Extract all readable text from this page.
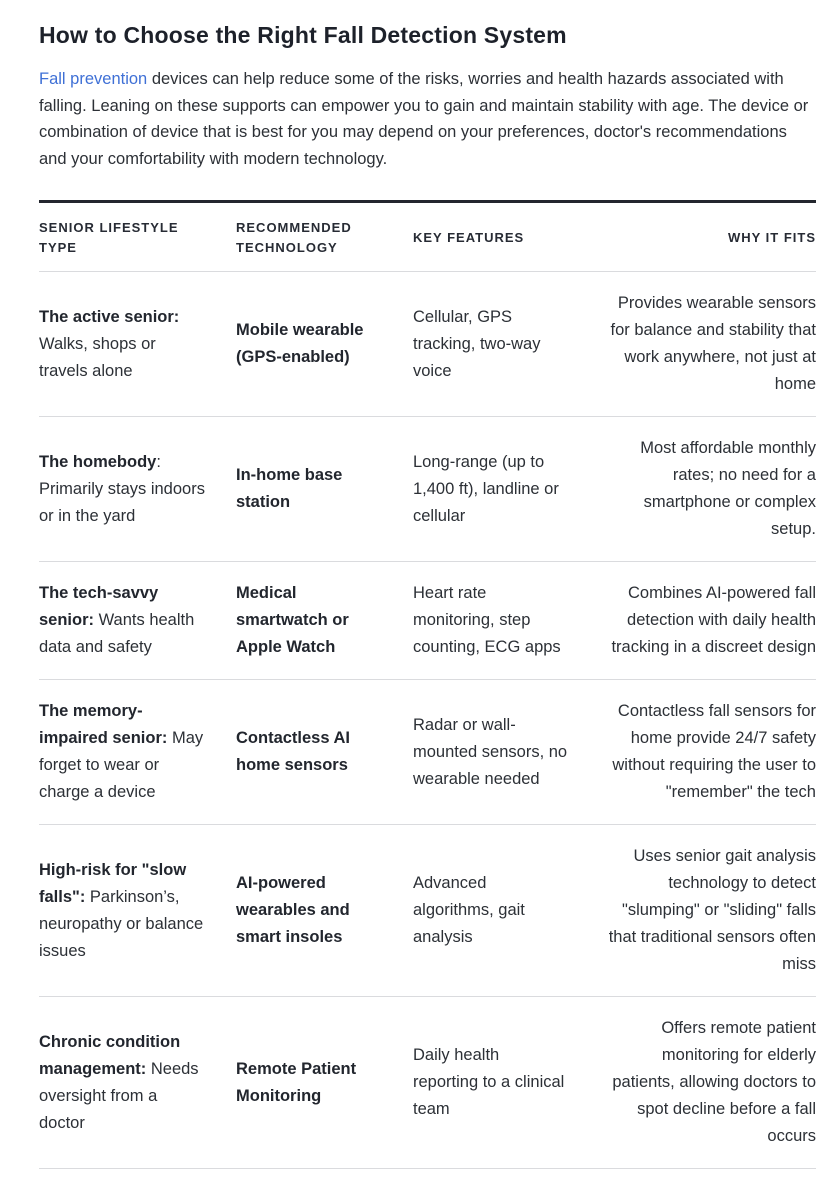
How to Choose the Right Fall Detection System

Fall prevention devices can help reduce some of the risks, worries and health hazards associated with falling. Leaning on these supports can empower you to gain and maintain stability with age. The device or combination of device that is best for you may depend on your preferences, doctor's recommendations and your comfortability with modern technology.

SENIOR LIFESTYLE TYPE	RECOMMENDED TECHNOLOGY	KEY FEATURES	WHY IT FITS
The active senior: Walks, shops or travels alone	Mobile wearable (GPS-enabled)	Cellular, GPS tracking, two-way voice	Provides wearable sensors for balance and stability that work anywhere, not just at home
The homebody: Primarily stays indoors or in the yard	In-home base station	Long-range (up to 1,400 ft), landline or cellular	Most affordable monthly rates; no need for a smartphone or complex setup.
The tech-savvy senior: Wants health data and safety	Medical smartwatch or Apple Watch	Heart rate monitoring, step counting, ECG apps	Combines AI-powered fall detection with daily health tracking in a discreet design
The memory-impaired senior: May forget to wear or charge a device	Contactless AI home sensors	Radar or wall-mounted sensors, no wearable needed	Contactless fall sensors for home provide 24/7 safety without requiring the user to "remember" the tech
High-risk for "slow falls": Parkinson’s, neuropathy or balance issues	AI-powered wearables and smart insoles	Advanced algorithms, gait analysis	Uses senior gait analysis technology to detect "slumping" or "sliding" falls that traditional sensors often miss
Chronic condition management: Needs oversight from a doctor	Remote Patient Monitoring	Daily health reporting to a clinical team	Offers remote patient monitoring for elderly patients, allowing doctors to spot decline before a fall occurs
